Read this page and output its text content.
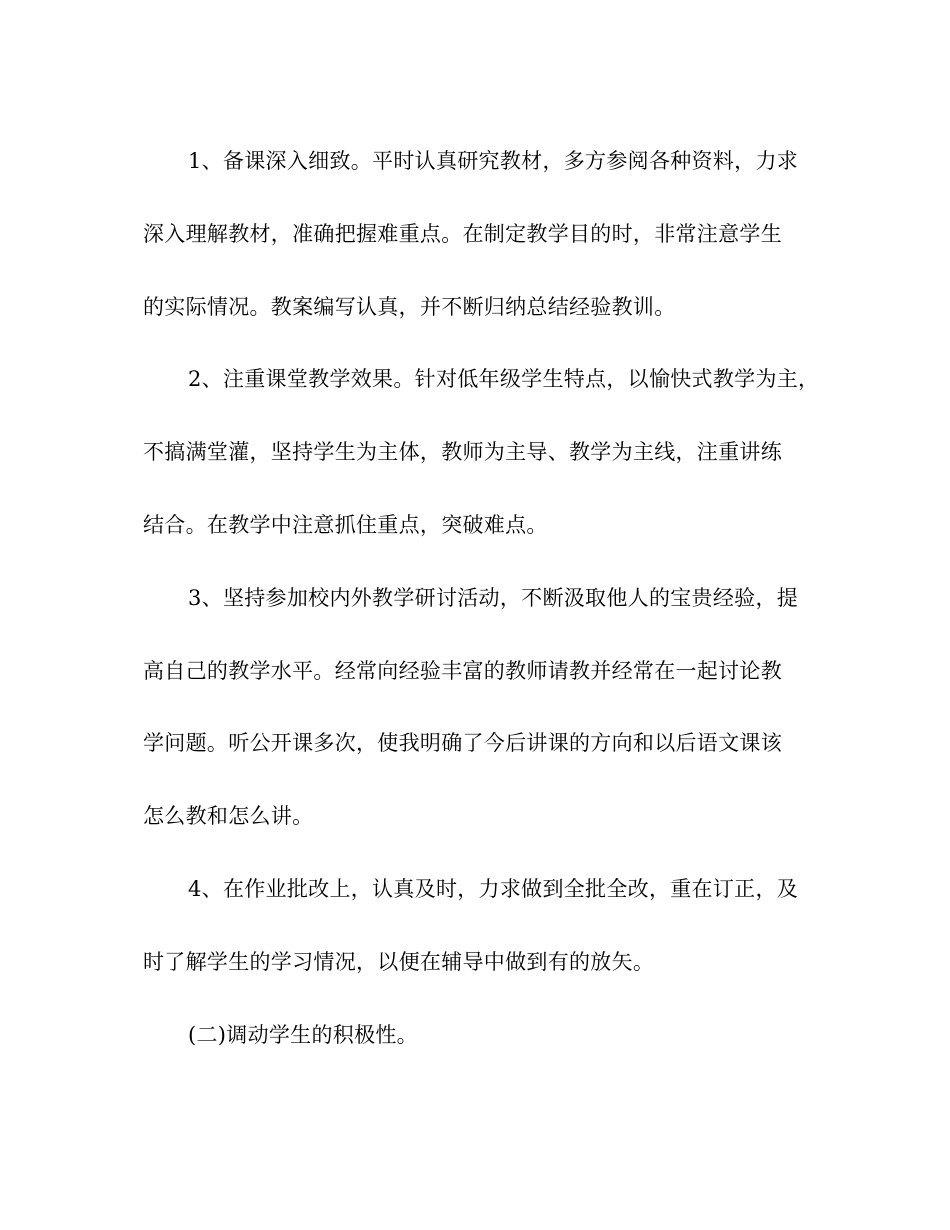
1、备课深入细致。平时认真研究教材，多方参阅各种资料，力求
深入理解教材，准确把握难重点。在制定教学目的时，非常注意学生
的实际情况。教案编写认真，并不断归纳总结经验教训。
2、注重课堂教学效果。针对低年级学生特点，以愉快式教学为主，
不搞满堂灌，坚持学生为主体，教师为主导、教学为主线，注重讲练
结合。在教学中注意抓住重点，突破难点。
3、坚持参加校内外教学研讨活动，不断汲取他人的宝贵经验，提
高自己的教学水平。经常向经验丰富的教师请教并经常在一起讨论教
学问题。听公开课多次，使我明确了今后讲课的方向和以后语文课该
怎么教和怎么讲。
4、在作业批改上，认真及时，力求做到全批全改，重在订正，及
时了解学生的学习情况，以便在辅导中做到有的放矢。
(二)调动学生的积极性。
